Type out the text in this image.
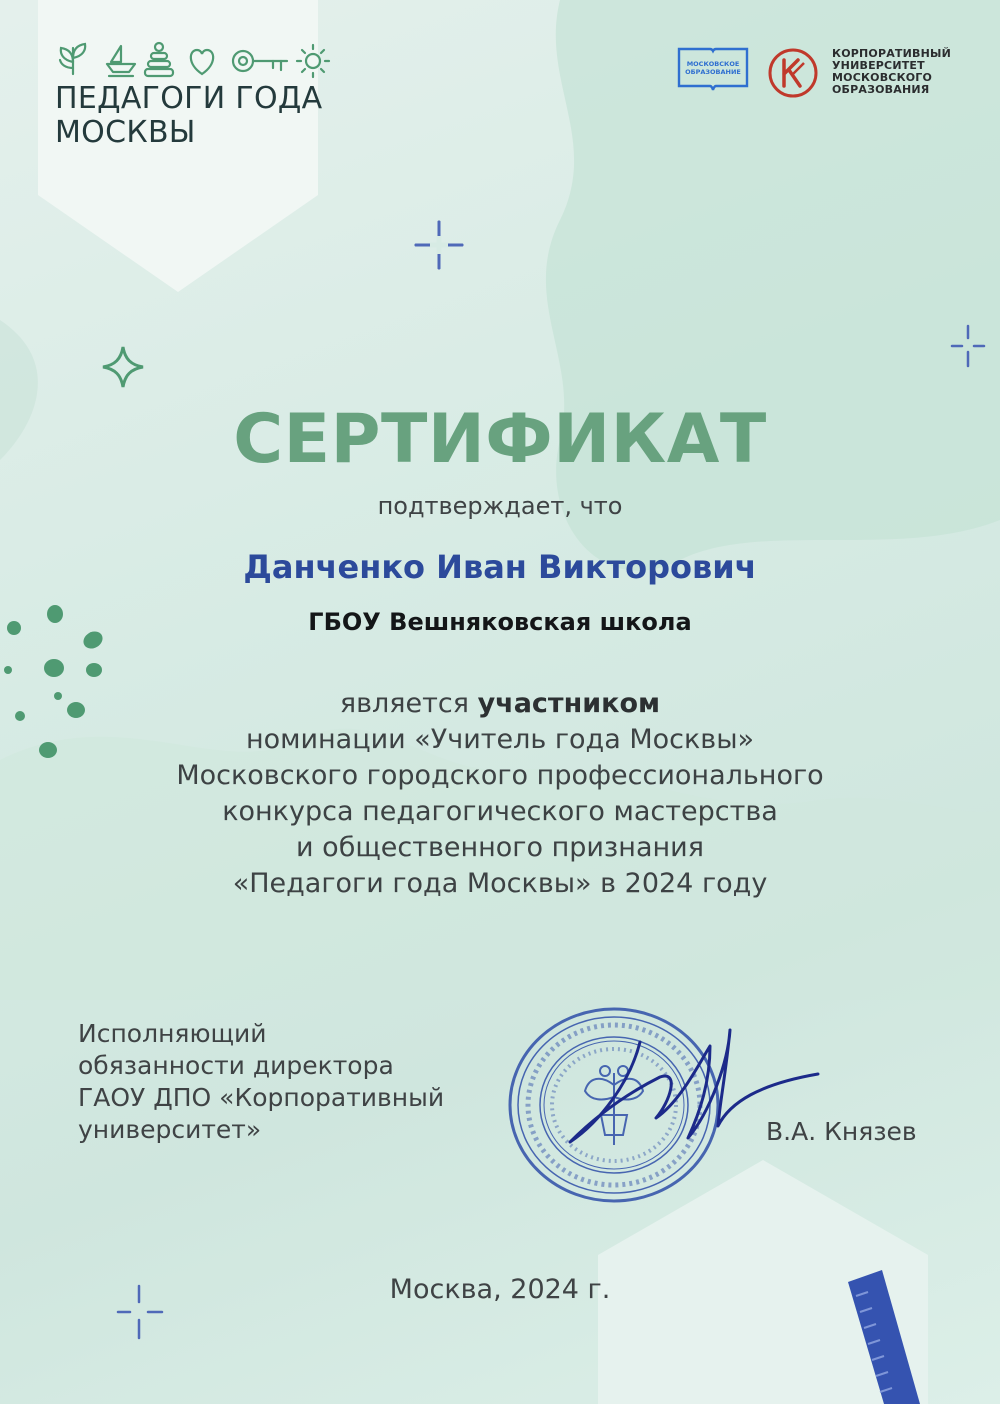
ПЕДАГОГИ ГОДА
МОСКВЫ
МОСКОВСКОЕ
ОБРАЗОВАНИЕ
КОРПОРАТИВНЫЙ
УНИВЕРСИТЕТ
МОСКОВСКОГО
ОБРАЗОВАНИЯ
СЕРТИФИКАТ
подтверждает, что
Данченко Иван Викторович
ГБОУ Вешняковская школа
является участником
номинации «Учитель года Москвы»
Московского городского профессионального
конкурса педагогического мастерства
и общественного признания
«Педагоги года Москвы» в 2024 году
Исполняющий
обязанности директора
ГАОУ ДПО «Корпоративный
университет»	В.А. Князев
Москва, 2024 г.
